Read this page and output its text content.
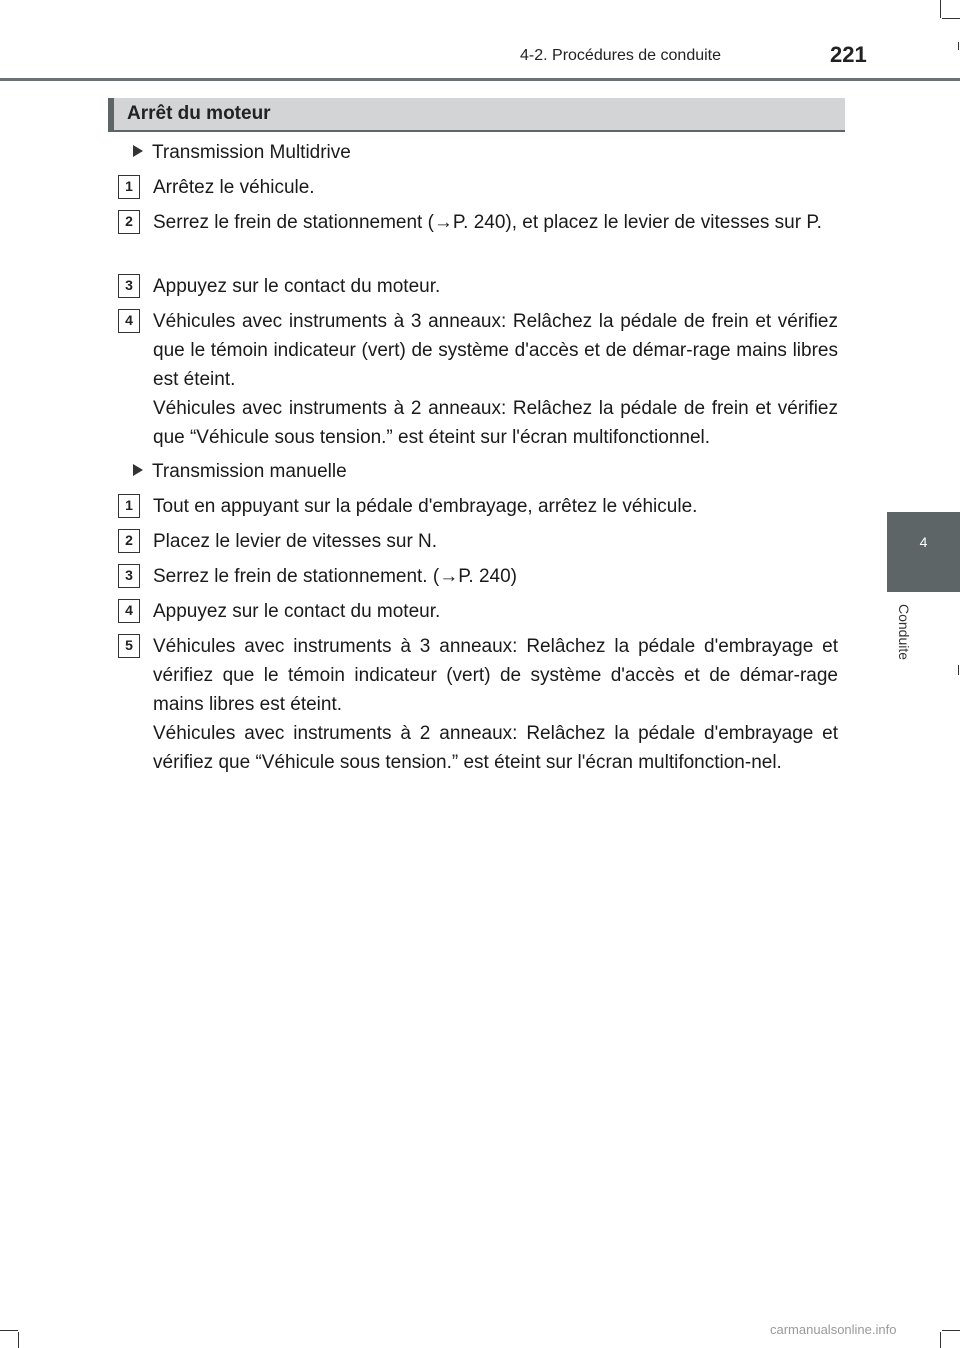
4-2. Procédures de conduite	221
4
Conduite
Arrêt du moteur
Transmission Multidrive
1	Arrêtez le véhicule.
2	Serrez le frein de stationnement (→P. 240), et placez le levier de vitesses sur P.
3	Appuyez sur le contact du moteur.
4	Véhicules avec instruments à 3 anneaux: Relâchez la pédale de frein et vérifiez que le témoin indicateur (vert) de système d'accès et de démar-rage mains libres est éteint.
Véhicules avec instruments à 2 anneaux: Relâchez la pédale de frein et vérifiez que “Véhicule sous tension.” est éteint sur l'écran multifonctionnel.
Transmission manuelle
1	Tout en appuyant sur la pédale d'embrayage, arrêtez le véhicule.
2	Placez le levier de vitesses sur N.
3	Serrez le frein de stationnement. (→P. 240)
4	Appuyez sur le contact du moteur.
5	Véhicules avec instruments à 3 anneaux: Relâchez la pédale d'embrayage et vérifiez que le témoin indicateur (vert) de système d'accès et de démar-rage mains libres est éteint.
Véhicules avec instruments à 2 anneaux: Relâchez la pédale d'embrayage et vérifiez que “Véhicule sous tension.” est éteint sur l'écran multifonction-nel.
carmanualsonline.info
